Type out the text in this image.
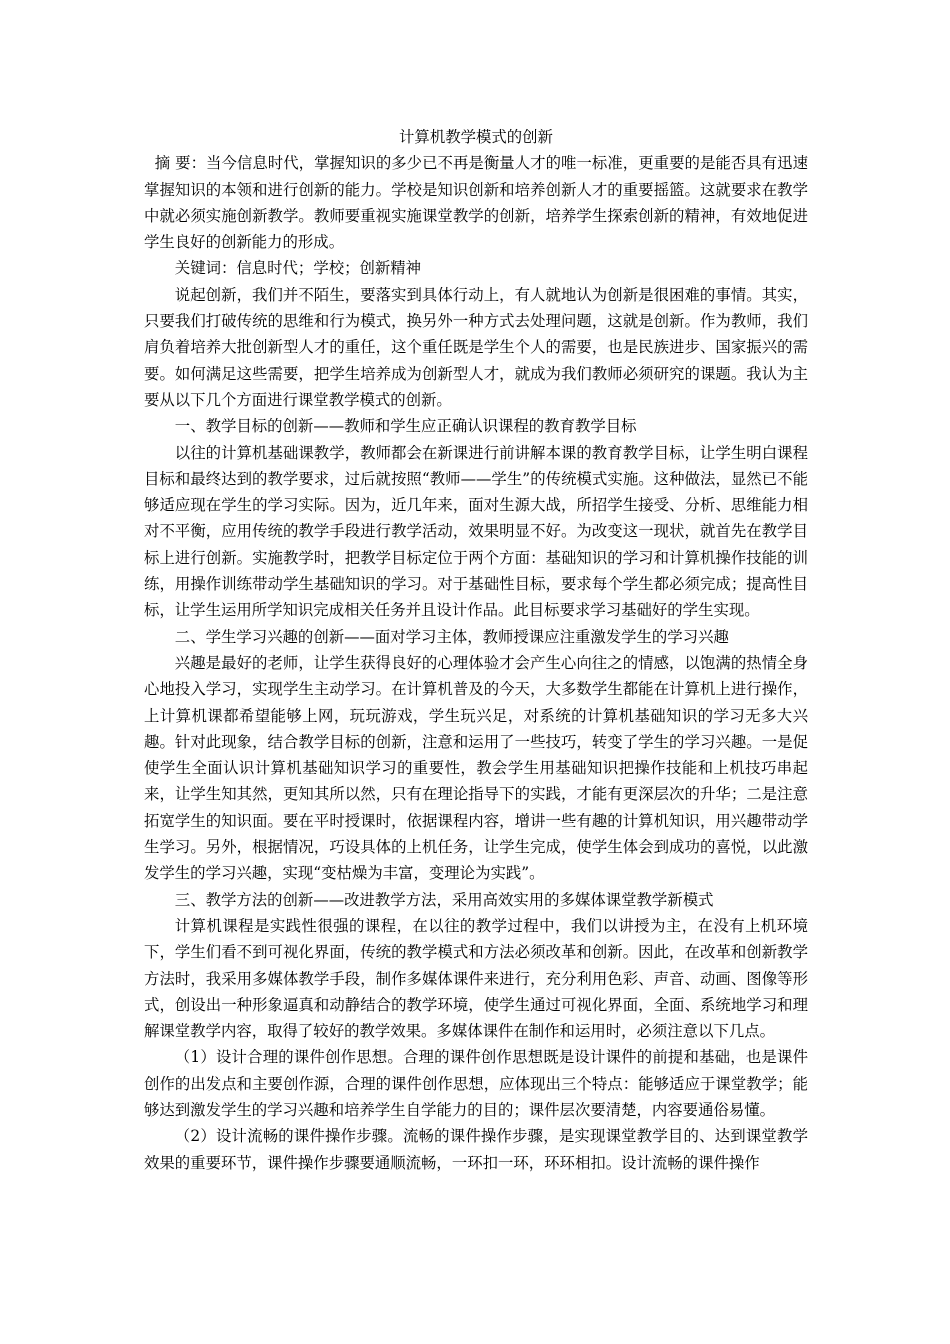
计算机教学模式的创新

摘 要：当今信息时代，掌握知识的多少已不再是衡量人才的唯一标准，更重要的是能否具有迅速掌握知识的本领和进行创新的能力。学校是知识创新和培养创新人才的重要摇篮。这就要求在教学中就必须实施创新教学。教师要重视实施课堂教学的创新，培养学生探索创新的精神，有效地促进学生良好的创新能力的形成。

关键词：信息时代；学校；创新精神

说起创新，我们并不陌生，要落实到具体行动上，有人就地认为创新是很困难的事情。其实，只要我们打破传统的思维和行为模式，换另外一种方式去处理问题，这就是创新。作为教师，我们肩负着培养大批创新型人才的重任，这个重任既是学生个人的需要，也是民族进步、国家振兴的需要。如何满足这些需要，把学生培养成为创新型人才，就成为我们教师必须研究的课题。我认为主要从以下几个方面进行课堂教学模式的创新。

一、教学目标的创新——教师和学生应正确认识课程的教育教学目标

以往的计算机基础课教学，教师都会在新课进行前讲解本课的教育教学目标，让学生明白课程目标和最终达到的教学要求，过后就按照“教师——学生”的传统模式实施。这种做法，显然已不能够适应现在学生的学习实际。因为，近几年来，面对生源大战，所招学生接受、分析、思维能力相对不平衡，应用传统的教学手段进行教学活动，效果明显不好。为改变这一现状，就首先在教学目标上进行创新。实施教学时，把教学目标定位于两个方面：基础知识的学习和计算机操作技能的训练，用操作训练带动学生基础知识的学习。对于基础性目标，要求每个学生都必须完成；提高性目标，让学生运用所学知识完成相关任务并且设计作品。此目标要求学习基础好的学生实现。

二、学生学习兴趣的创新——面对学习主体，教师授课应注重激发学生的学习兴趣

兴趣是最好的老师，让学生获得良好的心理体验才会产生心向往之的情感，以饱满的热情全身心地投入学习，实现学生主动学习。在计算机普及的今天，大多数学生都能在计算机上进行操作，上计算机课都希望能够上网，玩玩游戏，学生玩兴足，对系统的计算机基础知识的学习无多大兴趣。针对此现象，结合教学目标的创新，注意和运用了一些技巧，转变了学生的学习兴趣。一是促使学生全面认识计算机基础知识学习的重要性，教会学生用基础知识把操作技能和上机技巧串起来，让学生知其然，更知其所以然，只有在理论指导下的实践，才能有更深层次的升华；二是注意拓宽学生的知识面。要在平时授课时，依据课程内容，增讲一些有趣的计算机知识，用兴趣带动学生学习。另外，根据情况，巧设具体的上机任务，让学生完成，使学生体会到成功的喜悦，以此激发学生的学习兴趣，实现“变枯燥为丰富，变理论为实践”。

三、教学方法的创新——改进教学方法，采用高效实用的多媒体课堂教学新模式

计算机课程是实践性很强的课程，在以往的教学过程中，我们以讲授为主，在没有上机环境下，学生们看不到可视化界面，传统的教学模式和方法必须改革和创新。因此，在改革和创新教学方法时，我采用多媒体教学手段，制作多媒体课件来进行，充分利用色彩、声音、动画、图像等形式，创设出一种形象逼真和动静结合的教学环境，使学生通过可视化界面，全面、系统地学习和理解课堂教学内容，取得了较好的教学效果。多媒体课件在制作和运用时，必须注意以下几点。

（1）设计合理的课件创作思想。合理的课件创作思想既是设计课件的前提和基础，也是课件创作的出发点和主要创作源，合理的课件创作思想，应体现出三个特点：能够适应于课堂教学；能够达到激发学生的学习兴趣和培养学生自学能力的目的；课件层次要清楚，内容要通俗易懂。

（2）设计流畅的课件操作步骤。流畅的课件操作步骤，是实现课堂教学目的、达到课堂教学效果的重要环节，课件操作步骤要通顺流畅，一环扣一环，环环相扣。设计流畅的课件操作
